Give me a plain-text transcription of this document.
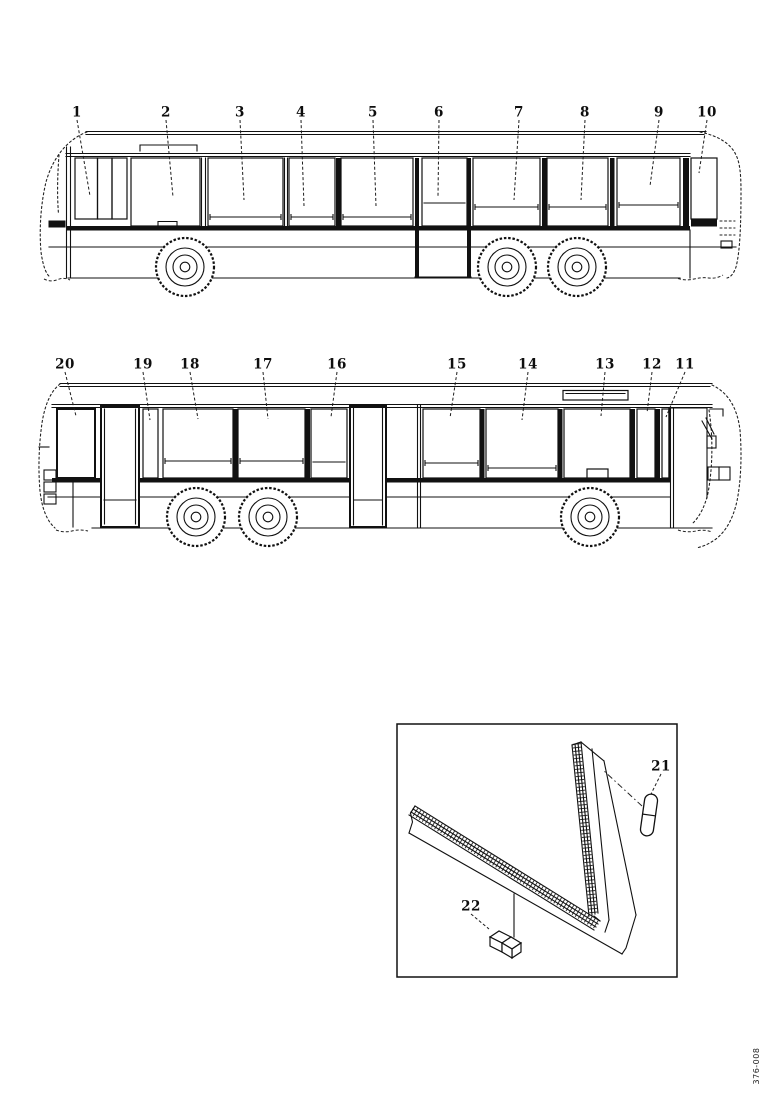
1	2	3	4	5	6	7	8	9 10
20	19 18	17	16	15	14	13 12 11
21
22
376-008
